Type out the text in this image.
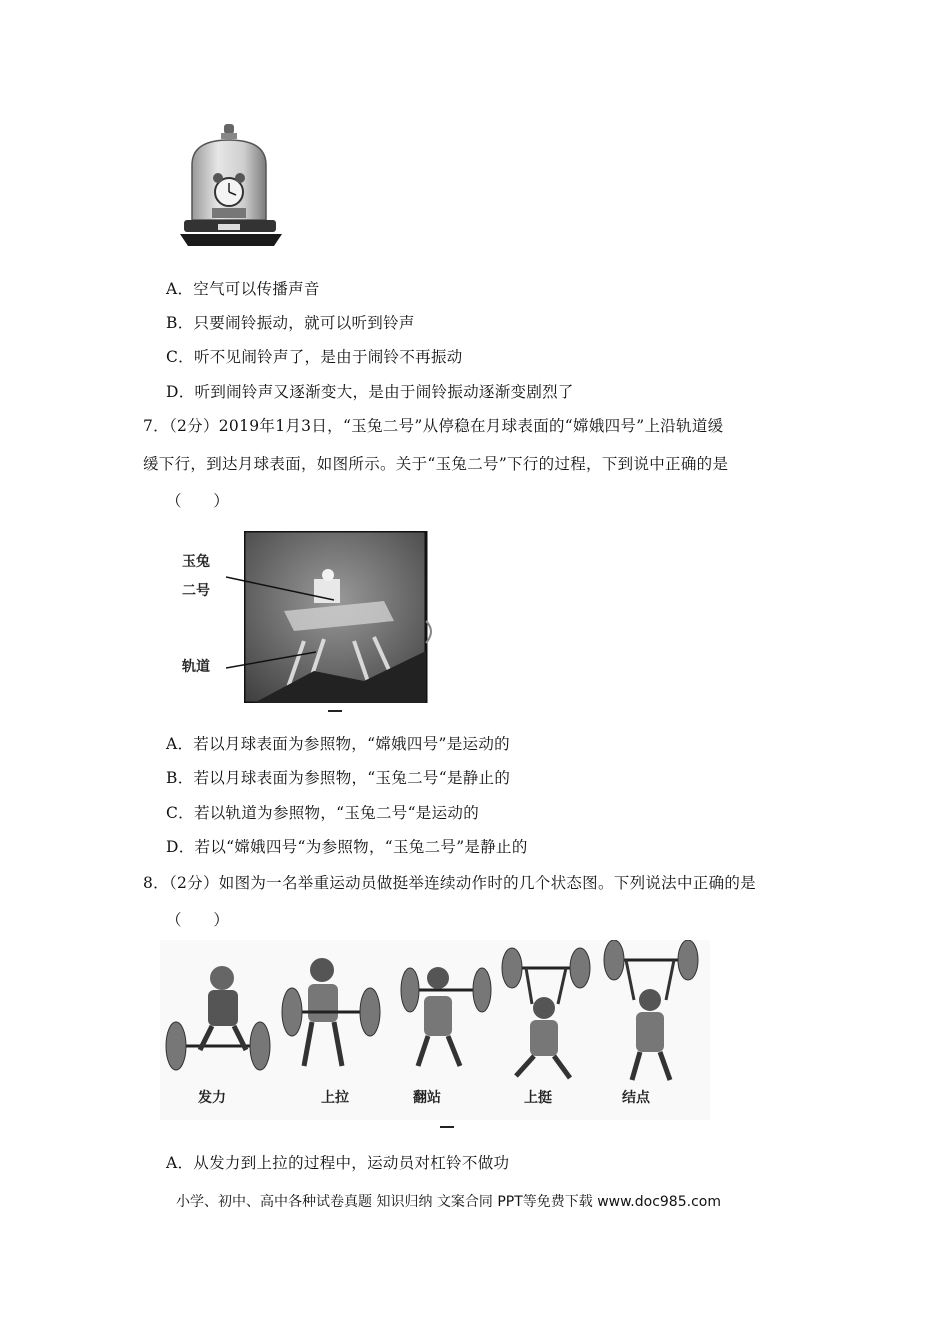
A．空气可以传播声音
B．只要闹铃振动，就可以听到铃声
C．听不见闹铃声了，是由于闹铃不再振动
D．听到闹铃声又逐渐变大，是由于闹铃振动逐渐变剧烈了
7．（2分）2019年1月3日，“玉兔二号”从停稳在月球表面的“嫦娥四号”上沿轨道缓
缓下行，到达月球表面，如图所示。关于“玉兔二号”下行的过程，下到说中正确的是
（　　）
玉兔
二号
轨道
A．若以月球表面为参照物，“嫦娥四号”是运动的
B．若以月球表面为参照物，“玉兔二号“是静止的
C．若以轨道为参照物，“玉兔二号“是运动的
D．若以“嫦娥四号“为参照物，“玉兔二号”是静止的
8．（2分）如图为一名举重运动员做挺举连续动作时的几个状态图。下列说法中正确的是
（　　）
发力	上拉	翻站	上挺	结点
A．从发力到上拉的过程中，运动员对杠铃不做功
小学、初中、高中各种试卷真题 知识归纳 文案合同 PPT等免费下载 www.doc985.com
